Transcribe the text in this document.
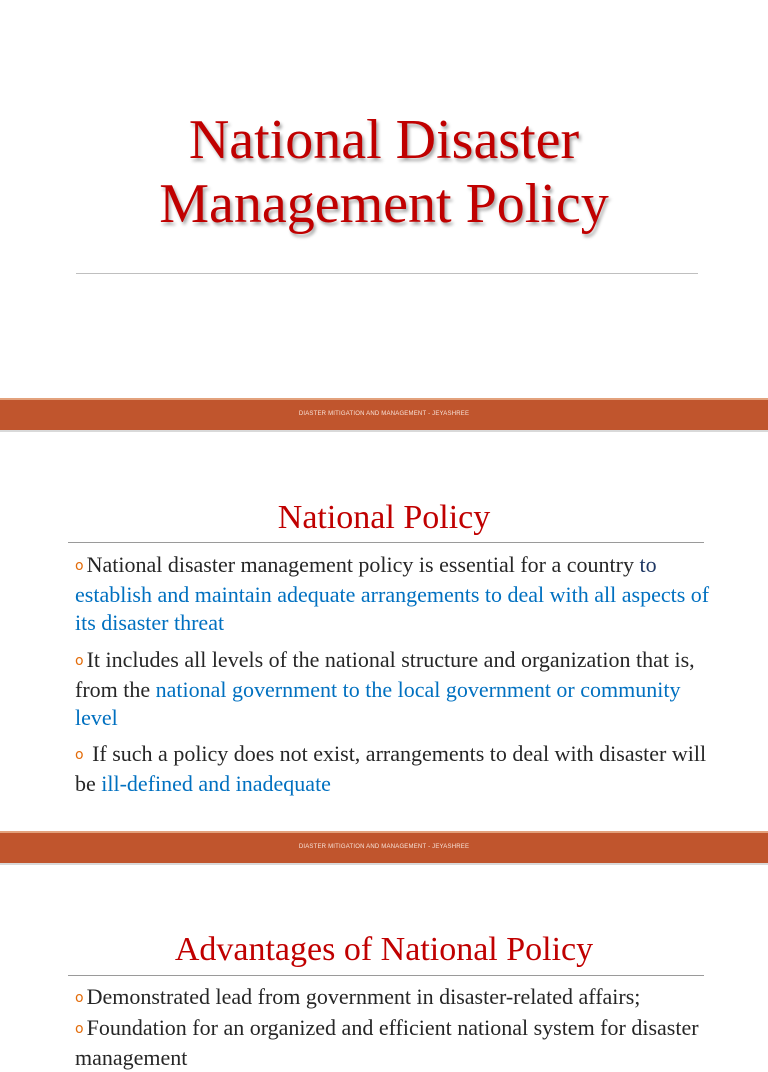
National Disaster
Management Policy
DIASTER MITIGATION AND MANAGEMENT - JEYASHREE
National Policy
o National disaster management policy is essential for a country to establish and maintain adequate arrangements to deal with all aspects of its disaster threat
o It includes all levels of the national structure and organization that is, from the national government to the local government or community level
o If such a policy does not exist, arrangements to deal with disaster will be ill-defined and inadequate
DIASTER MITIGATION AND MANAGEMENT - JEYASHREE
Advantages of National Policy
o Demonstrated lead from government in disaster-related affairs;
o Foundation for an organized and efficient national system for disaster management
